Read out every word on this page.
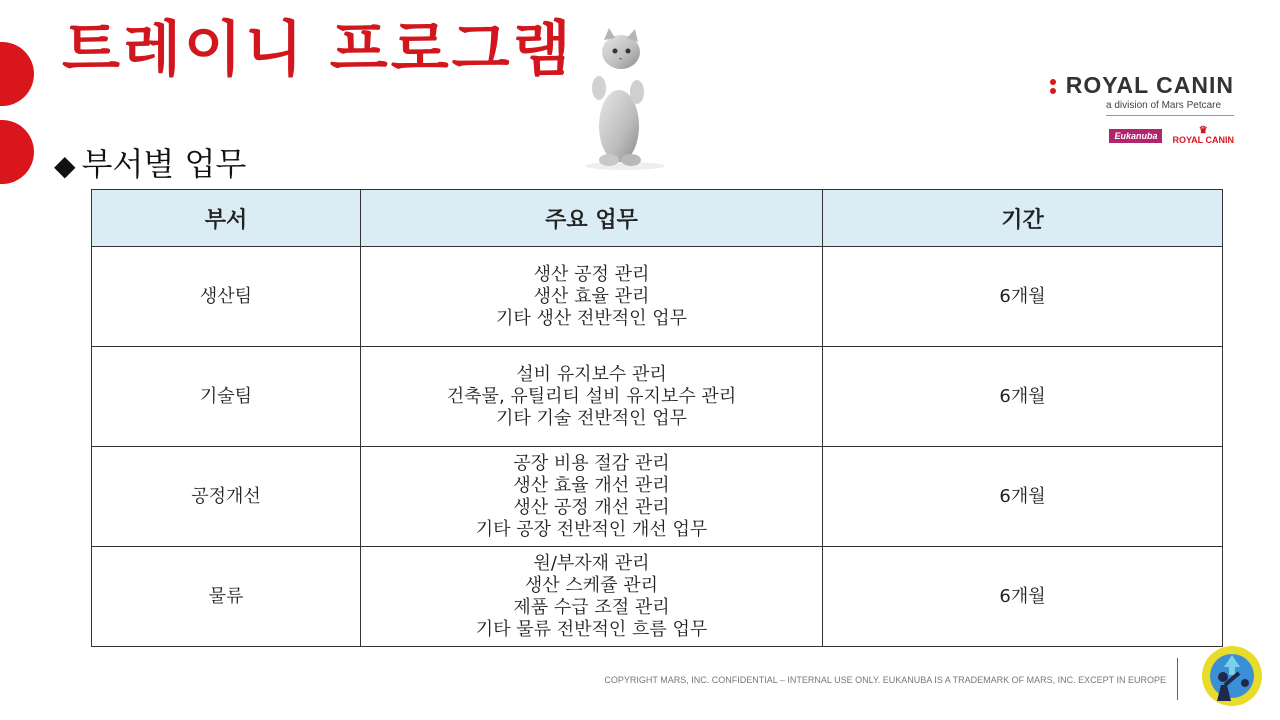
트레이니 프로그램
◆ 부서별 업무
ROYAL CANIN
a division of Mars Petcare
Eukanuba	♛
ROYAL CANIN
부서	주요 업무	기간
생산팀	생산 공정 관리
생산 효율 관리
기타 생산 전반적인 업무	6개월
기술팀	설비 유지보수 관리
건축물, 유틸리티 설비 유지보수 관리
기타 기술 전반적인 업무	6개월
공정개선	공장 비용 절감 관리
생산 효율 개선 관리
생산 공정 개선 관리
기타 공장 전반적인 개선 업무	6개월
물류	원/부자재 관리
생산 스케쥴 관리
제품 수급 조절 관리
기타 물류 전반적인 흐름 업무	6개월
COPYRIGHT MARS, INC. CONFIDENTIAL – INTERNAL USE ONLY. EUKANUBA IS A TRADEMARK OF MARS, INC. EXCEPT IN EUROPE
